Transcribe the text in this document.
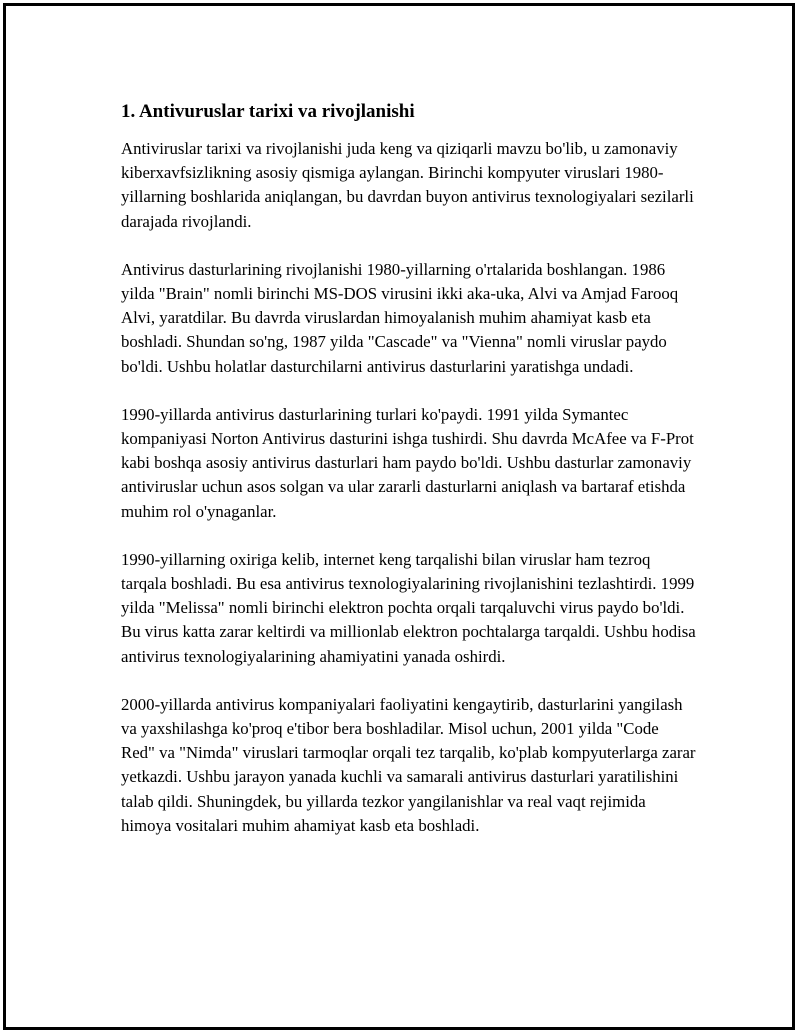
1. Antivuruslar tarixi va rivojlanishi

Antiviruslar tarixi va rivojlanishi juda keng va qiziqarli mavzu bo'lib, u zamonaviy kiberxavfsizlikning asosiy qismiga aylangan. Birinchi kompyuter viruslari 1980-yillarning boshlarida aniqlangan, bu davrdan buyon antivirus texnologiyalari sezilarli darajada rivojlandi.

Antivirus dasturlarining rivojlanishi 1980-yillarning o'rtalarida boshlangan. 1986 yilda "Brain" nomli birinchi MS-DOS virusini ikki aka-uka, Alvi va Amjad Farooq Alvi, yaratdilar. Bu davrda viruslardan himoyalanish muhim ahamiyat kasb eta boshladi. Shundan so'ng, 1987 yilda "Cascade" va "Vienna" nomli viruslar paydo bo'ldi. Ushbu holatlar dasturchilarni antivirus dasturlarini yaratishga undadi.

1990-yillarda antivirus dasturlarining turlari ko'paydi. 1991 yilda Symantec kompaniyasi Norton Antivirus dasturini ishga tushirdi. Shu davrda McAfee va F-Prot kabi boshqa asosiy antivirus dasturlari ham paydo bo'ldi. Ushbu dasturlar zamonaviy antiviruslar uchun asos solgan va ular zararli dasturlarni aniqlash va bartaraf etishda muhim rol o'ynaganlar.

1990-yillarning oxiriga kelib, internet keng tarqalishi bilan viruslar ham tezroq tarqala boshladi. Bu esa antivirus texnologiyalarining rivojlanishini tezlashtirdi. 1999 yilda "Melissa" nomli birinchi elektron pochta orqali tarqaluvchi virus paydo bo'ldi. Bu virus katta zarar keltirdi va millionlab elektron pochtalarga tarqaldi. Ushbu hodisa antivirus texnologiyalarining ahamiyatini yanada oshirdi.

2000-yillarda antivirus kompaniyalari faoliyatini kengaytirib, dasturlarini yangilash va yaxshilashga ko'proq e'tibor bera boshladilar. Misol uchun, 2001 yilda "Code Red" va "Nimda" viruslari tarmoqlar orqali tez tarqalib, ko'plab kompyuterlarga zarar yetkazdi. Ushbu jarayon yanada kuchli va samarali antivirus dasturlari yaratilishini talab qildi. Shuningdek, bu yillarda tezkor yangilanishlar va real vaqt rejimida himoya vositalari muhim ahamiyat kasb eta boshladi.
